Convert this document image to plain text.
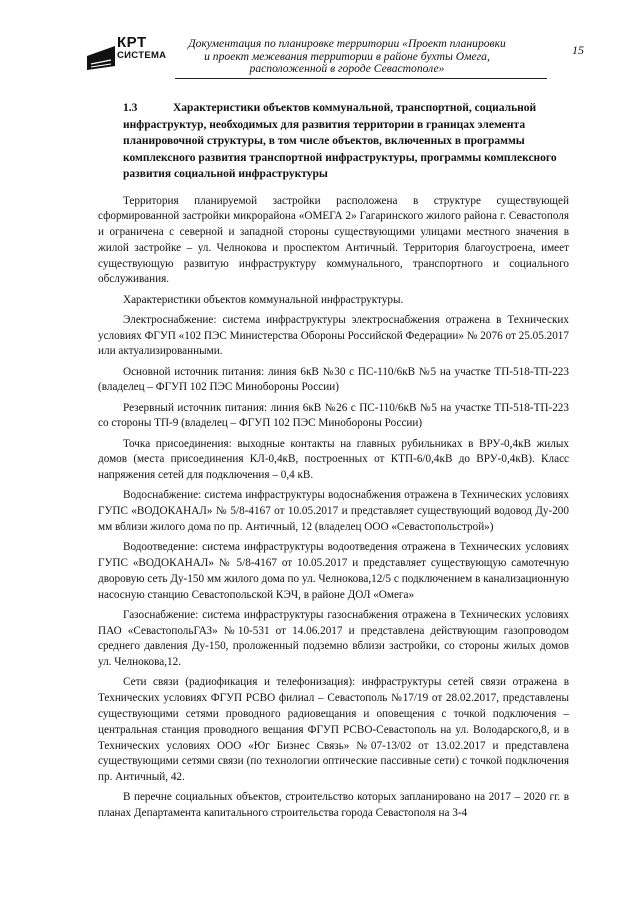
КРТ
СИСТЕМА
Документация по планировке территории «Проект планировки
и проект межевания территории в районе бухты Омега,
расположенной в городе Севастополе»
15
1.3	Характеристики объектов коммунальной, транспортной, социальной инфраструктур, необходимых для развития территории в границах элемента планировочной структуры, в том числе объектов, включенных в программы комплексного развития транспортной инфраструктуры, программы комплексного развития социальной инфраструктуры

Территория планируемой застройки расположена в структуре существующей сформированной застройки микрорайона «ОМЕГА 2» Гагаринского жилого района г. Севастополя и ограничена с северной и западной стороны существующими улицами местного значения в жилой застройке – ул. Челнокова и проспектом Античный. Территория благоустроена, имеет существующую развитую инфраструктуру коммунального, транспортного и социального обслуживания.

Характеристики объектов коммунальной инфраструктуры.

Электроснабжение: система инфраструктуры электроснабжения отражена в Технических условиях ФГУП «102 ПЭС Министерства Обороны Российской Федерации» № 2076 от 25.05.2017 или актуализированными.

Основной источник питания: линия 6кВ №30 с ПС-110/6кВ №5 на участке ТП-518-ТП-223 (владелец – ФГУП 102 ПЭС Минобороны России)

Резервный источник питания: линия 6кВ №26 с ПС-110/6кВ №5 на участке ТП-518-ТП-223 со стороны ТП-9 (владелец – ФГУП 102 ПЭС Минобороны России)

Точка присоединения: выходные контакты на главных рубильниках в ВРУ-0,4кВ жилых домов (места присоединения КЛ-0,4кВ, построенных от КТП-6/0,4кВ до ВРУ-0,4кВ). Класс напряжения сетей для подключения – 0,4 кВ.

Водоснабжение: система инфраструктуры водоснабжения отражена в Технических условиях ГУПС «ВОДОКАНАЛ» № 5/8-4167 от 10.05.2017 и представляет существующий водовод Ду-200 мм вблизи жилого дома по пр. Античный, 12 (владелец ООО «Севастопольстрой»)

Водоотведение: система инфраструктуры водоотведения отражена в Технических условиях ГУПС «ВОДОКАНАЛ» № 5/8-4167 от 10.05.2017 и представляет существующую самотечную дворовую сеть Ду-150 мм жилого дома по ул. Челнокова,12/5 с подключением в канализационную насосную станцию Севастопольской КЭЧ, в районе ДОЛ «Омега»

Газоснабжение: система инфраструктуры газоснабжения отражена в Технических условиях ПАО «СевастопольГАЗ» №10-531 от 14.06.2017 и представлена действующим газопроводом среднего давления Ду-150, проложенный подземно вблизи застройки, со стороны жилых домов ул. Челнокова,12.

Сети связи (радиофикация и телефонизация): инфраструктуры сетей связи отражена в Технических условиях ФГУП РСВО филиал – Севастополь №17/19 от 28.02.2017, представлены существующими сетями проводного радиовещания и оповещения с точкой подключения – центральная станция проводного вещания ФГУП РСВО-Севастополь на ул. Володарского,8, и в Технических условиях ООО «Юг Бизнес Связь» №07-13/02 от 13.02.2017 и представлена существующими сетями связи (по технологии оптические пассивные сети) с точкой подключения пр. Античный, 42.

В перечне социальных объектов, строительство которых запланировано на 2017 – 2020 гг. в планах Департамента капитального строительства города Севастополя на 3-4
